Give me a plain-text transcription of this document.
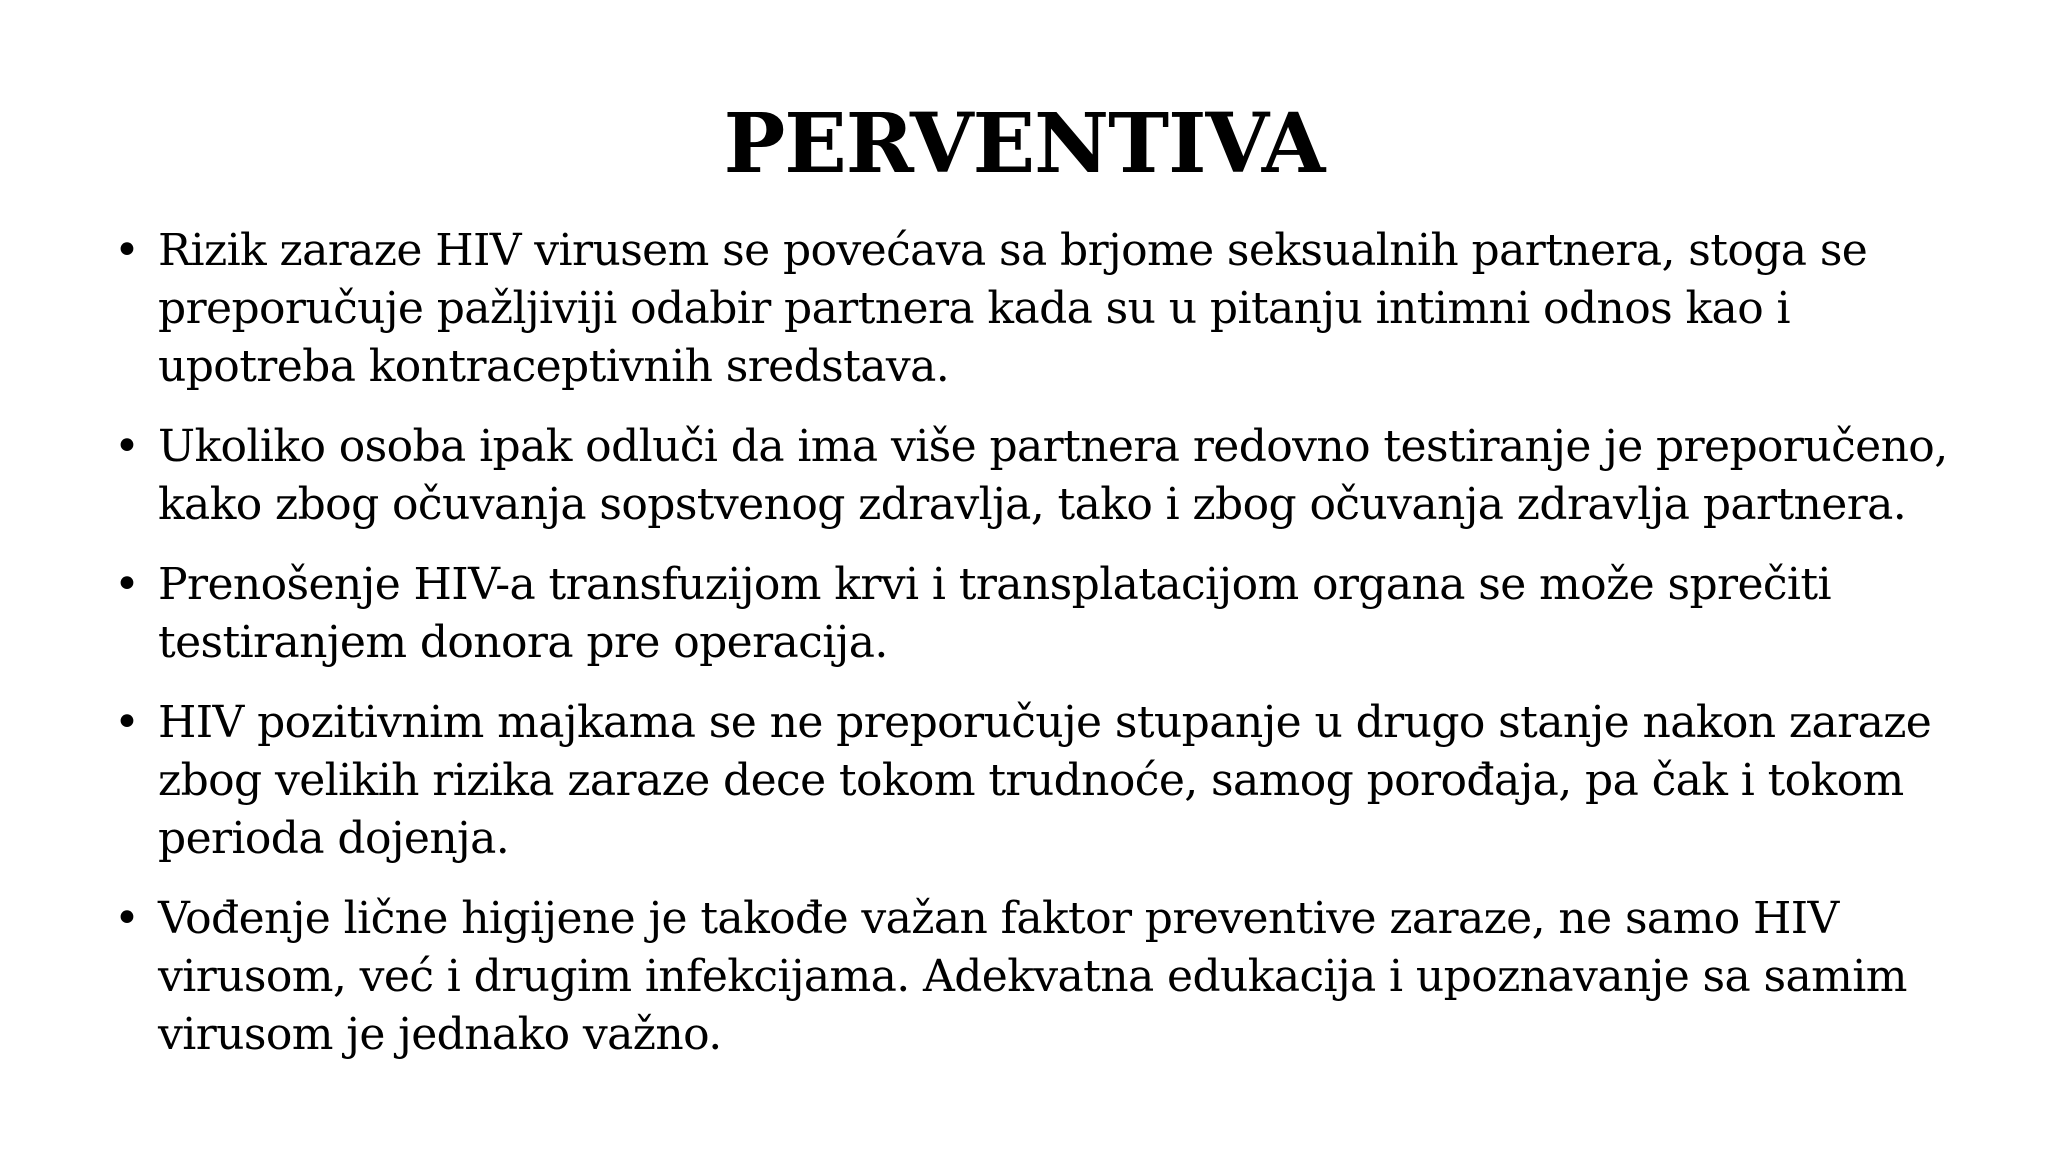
PERVENTIVA
• Rizik zaraze HIV virusem se povećava sa brjome seksualnih partnera, stoga se preporučuje pažljiviji odabir partnera kada su u pitanju intimni odnos kao i upotreba kontraceptivnih sredstava.
• Ukoliko osoba ipak odluči da ima više partnera redovno testiranje je preporučeno, kako zbog očuvanja sopstvenog zdravlja, tako i zbog očuvanja zdravlja partnera.
• Prenošenje HIV-a transfuzijom krvi i transplatacijom organa se može sprečiti testiranjem donora pre operacija.
• HIV pozitivnim majkama se ne preporučuje stupanje u drugo stanje nakon zaraze zbog velikih rizika zaraze dece tokom trudnoće, samog porođaja, pa čak i tokom perioda dojenja.
• Vođenje lične higijene je takođe važan faktor preventive zaraze, ne samo HIV virusom, već i drugim infekcijama. Adekvatna edukacija i upoznavanje sa samim virusom je jednako važno.
